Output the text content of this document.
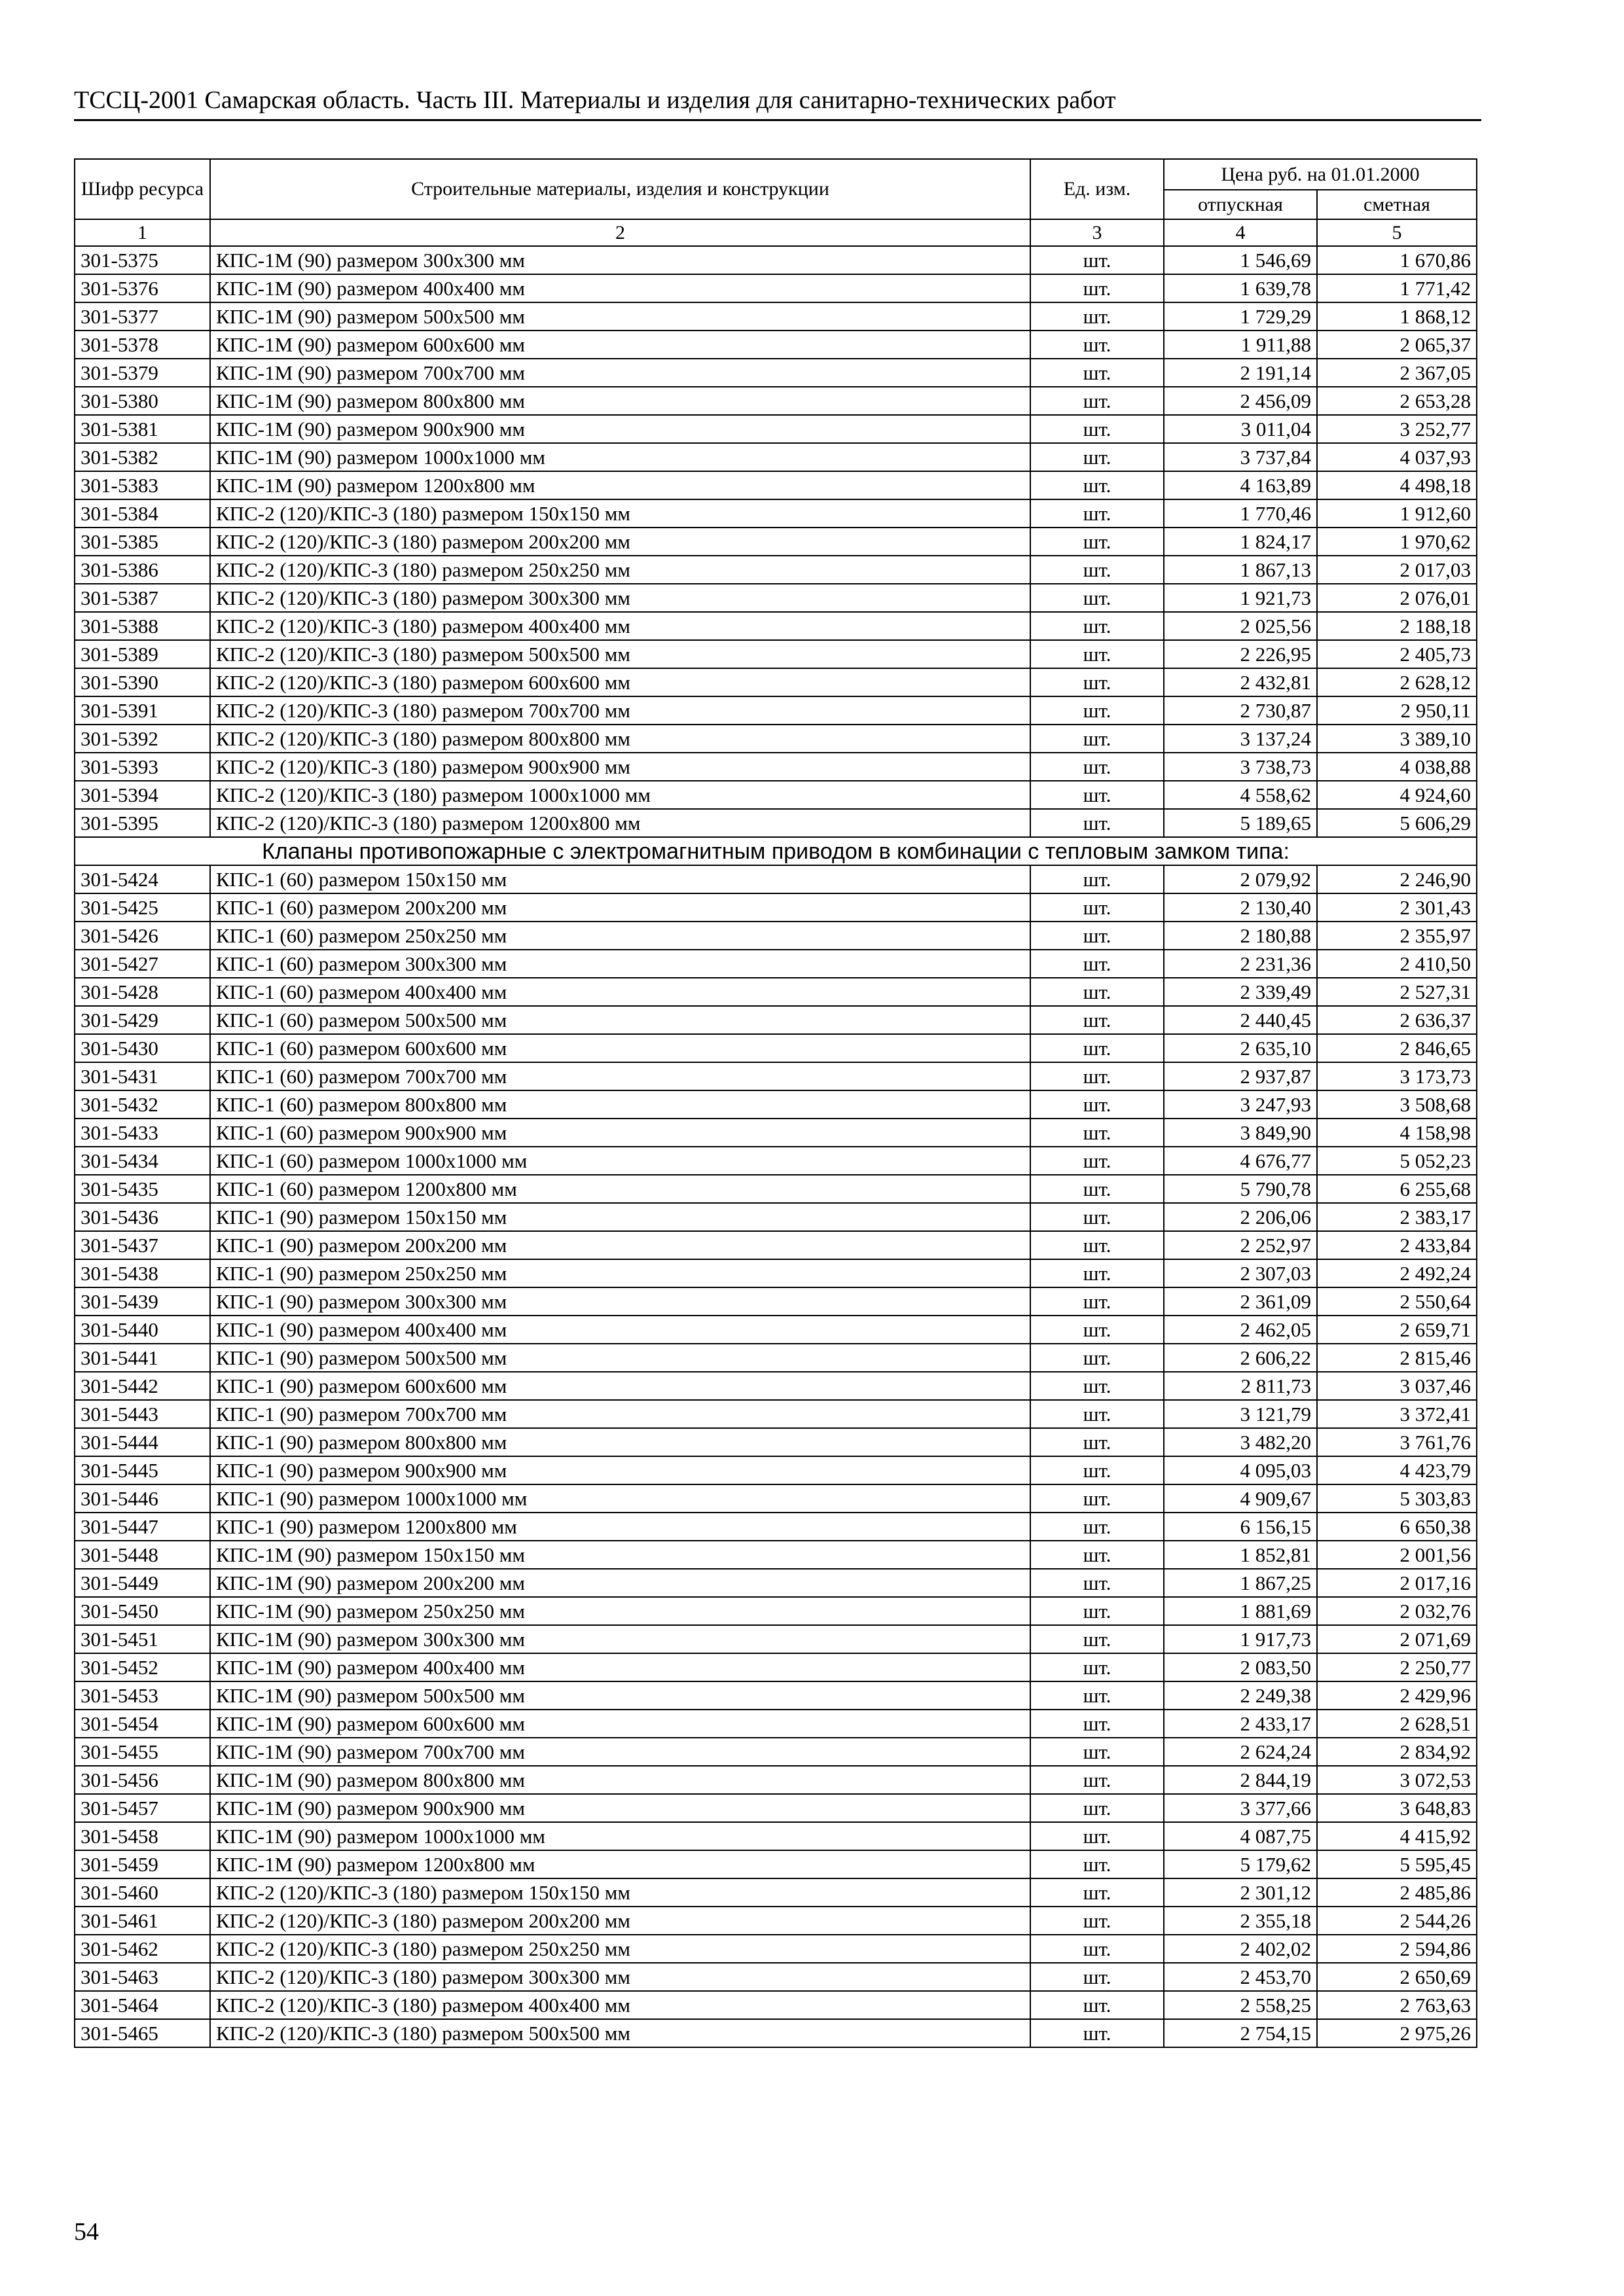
ТССЦ-2001 Самарская область. Часть III. Материалы и изделия для санитарно-технических работ
Шифр ресурса	Строительные материалы, изделия и конструкции	Ед. изм.	Цена руб. на 01.01.2000	
			отпускная	сметная
1	2	3	4	5
301-5375	КПС-1М (90) размером 300х300 мм	шт.	1 546,69	1 670,86
301-5376	КПС-1М (90) размером 400х400 мм	шт.	1 639,78	1 771,42
301-5377	КПС-1М (90) размером 500х500 мм	шт.	1 729,29	1 868,12
301-5378	КПС-1М (90) размером 600х600 мм	шт.	1 911,88	2 065,37
301-5379	КПС-1М (90) размером 700х700 мм	шт.	2 191,14	2 367,05
301-5380	КПС-1М (90) размером 800х800 мм	шт.	2 456,09	2 653,28
301-5381	КПС-1М (90) размером 900х900 мм	шт.	3 011,04	3 252,77
301-5382	КПС-1М (90) размером 1000х1000 мм	шт.	3 737,84	4 037,93
301-5383	КПС-1М (90) размером 1200х800 мм	шт.	4 163,89	4 498,18
301-5384	КПС-2 (120)/КПС-3 (180) размером 150х150 мм	шт.	1 770,46	1 912,60
301-5385	КПС-2 (120)/КПС-3 (180) размером 200х200 мм	шт.	1 824,17	1 970,62
301-5386	КПС-2 (120)/КПС-3 (180) размером 250х250 мм	шт.	1 867,13	2 017,03
301-5387	КПС-2 (120)/КПС-3 (180) размером 300х300 мм	шт.	1 921,73	2 076,01
301-5388	КПС-2 (120)/КПС-3 (180) размером 400х400 мм	шт.	2 025,56	2 188,18
301-5389	КПС-2 (120)/КПС-3 (180) размером 500х500 мм	шт.	2 226,95	2 405,73
301-5390	КПС-2 (120)/КПС-3 (180) размером 600х600 мм	шт.	2 432,81	2 628,12
301-5391	КПС-2 (120)/КПС-3 (180) размером 700х700 мм	шт.	2 730,87	2 950,11
301-5392	КПС-2 (120)/КПС-3 (180) размером 800х800 мм	шт.	3 137,24	3 389,10
301-5393	КПС-2 (120)/КПС-3 (180) размером 900х900 мм	шт.	3 738,73	4 038,88
301-5394	КПС-2 (120)/КПС-3 (180) размером 1000х1000 мм	шт.	4 558,62	4 924,60
301-5395	КПС-2 (120)/КПС-3 (180) размером 1200х800 мм	шт.	5 189,65	5 606,29
Клапаны противопожарные с электромагнитным приводом в комбинации с тепловым замком типа:				
301-5424	КПС-1 (60) размером 150х150 мм	шт.	2 079,92	2 246,90
301-5425	КПС-1 (60) размером 200х200 мм	шт.	2 130,40	2 301,43
301-5426	КПС-1 (60) размером 250х250 мм	шт.	2 180,88	2 355,97
301-5427	КПС-1 (60) размером 300х300 мм	шт.	2 231,36	2 410,50
301-5428	КПС-1 (60) размером 400х400 мм	шт.	2 339,49	2 527,31
301-5429	КПС-1 (60) размером 500х500 мм	шт.	2 440,45	2 636,37
301-5430	КПС-1 (60) размером 600х600 мм	шт.	2 635,10	2 846,65
301-5431	КПС-1 (60) размером 700х700 мм	шт.	2 937,87	3 173,73
301-5432	КПС-1 (60) размером 800х800 мм	шт.	3 247,93	3 508,68
301-5433	КПС-1 (60) размером 900х900 мм	шт.	3 849,90	4 158,98
301-5434	КПС-1 (60) размером 1000х1000 мм	шт.	4 676,77	5 052,23
301-5435	КПС-1 (60) размером 1200х800 мм	шт.	5 790,78	6 255,68
301-5436	КПС-1 (90) размером 150х150 мм	шт.	2 206,06	2 383,17
301-5437	КПС-1 (90) размером 200х200 мм	шт.	2 252,97	2 433,84
301-5438	КПС-1 (90) размером 250х250 мм	шт.	2 307,03	2 492,24
301-5439	КПС-1 (90) размером 300х300 мм	шт.	2 361,09	2 550,64
301-5440	КПС-1 (90) размером 400х400 мм	шт.	2 462,05	2 659,71
301-5441	КПС-1 (90) размером 500х500 мм	шт.	2 606,22	2 815,46
301-5442	КПС-1 (90) размером 600х600 мм	шт.	2 811,73	3 037,46
301-5443	КПС-1 (90) размером 700х700 мм	шт.	3 121,79	3 372,41
301-5444	КПС-1 (90) размером 800х800 мм	шт.	3 482,20	3 761,76
301-5445	КПС-1 (90) размером 900х900 мм	шт.	4 095,03	4 423,79
301-5446	КПС-1 (90) размером 1000х1000 мм	шт.	4 909,67	5 303,83
301-5447	КПС-1 (90) размером 1200х800 мм	шт.	6 156,15	6 650,38
301-5448	КПС-1М (90) размером 150х150 мм	шт.	1 852,81	2 001,56
301-5449	КПС-1М (90) размером 200х200 мм	шт.	1 867,25	2 017,16
301-5450	КПС-1М (90) размером 250х250 мм	шт.	1 881,69	2 032,76
301-5451	КПС-1М (90) размером 300х300 мм	шт.	1 917,73	2 071,69
301-5452	КПС-1М (90) размером 400х400 мм	шт.	2 083,50	2 250,77
301-5453	КПС-1М (90) размером 500х500 мм	шт.	2 249,38	2 429,96
301-5454	КПС-1М (90) размером 600х600 мм	шт.	2 433,17	2 628,51
301-5455	КПС-1М (90) размером 700х700 мм	шт.	2 624,24	2 834,92
301-5456	КПС-1М (90) размером 800х800 мм	шт.	2 844,19	3 072,53
301-5457	КПС-1М (90) размером 900х900 мм	шт.	3 377,66	3 648,83
301-5458	КПС-1М (90) размером 1000х1000 мм	шт.	4 087,75	4 415,92
301-5459	КПС-1М (90) размером 1200х800 мм	шт.	5 179,62	5 595,45
301-5460	КПС-2 (120)/КПС-3 (180) размером 150х150 мм	шт.	2 301,12	2 485,86
301-5461	КПС-2 (120)/КПС-3 (180) размером 200х200 мм	шт.	2 355,18	2 544,26
301-5462	КПС-2 (120)/КПС-3 (180) размером 250х250 мм	шт.	2 402,02	2 594,86
301-5463	КПС-2 (120)/КПС-3 (180) размером 300х300 мм	шт.	2 453,70	2 650,69
301-5464	КПС-2 (120)/КПС-3 (180) размером 400х400 мм	шт.	2 558,25	2 763,63
301-5465	КПС-2 (120)/КПС-3 (180) размером 500х500 мм	шт.	2 754,15	2 975,26
54
